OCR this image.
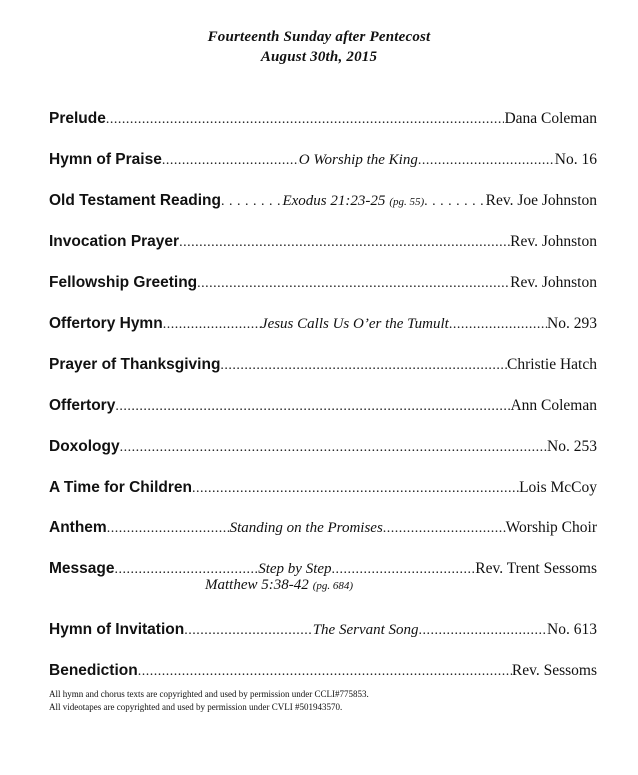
Fourteenth Sunday after Pentecost
August 30th, 2015
Prelude .....	Dana Coleman
Hymn of Praise .....	O Worship the King .....	No. 16
Old Testament Reading . . .	Exodus 21:23-25 (pg. 55) . . .	Rev. Joe Johnston
Invocation Prayer .....	Rev. Johnston
Fellowship Greeting .....	Rev. Johnston
Offertory Hymn .....	Jesus Calls Us O’er the Tumult .....	No. 293
Prayer of Thanksgiving .....	Christie Hatch
Offertory .....	Ann Coleman
Doxology .....	No. 253
A Time for Children .....	Lois McCoy
Anthem .....	Standing on the Promises .....	Worship Choir
Message .....	Step by Step .....	Rev. Trent Sessoms
Matthew 5:38-42 (pg. 684)
Hymn of Invitation .....	The Servant Song .....	No. 613
Benediction .....	Rev. Sessoms
All hymn and chorus texts are copyrighted and used by permission under CCLI#775853.
All videotapes are copyrighted and used by permission under CVLI #501943570.
